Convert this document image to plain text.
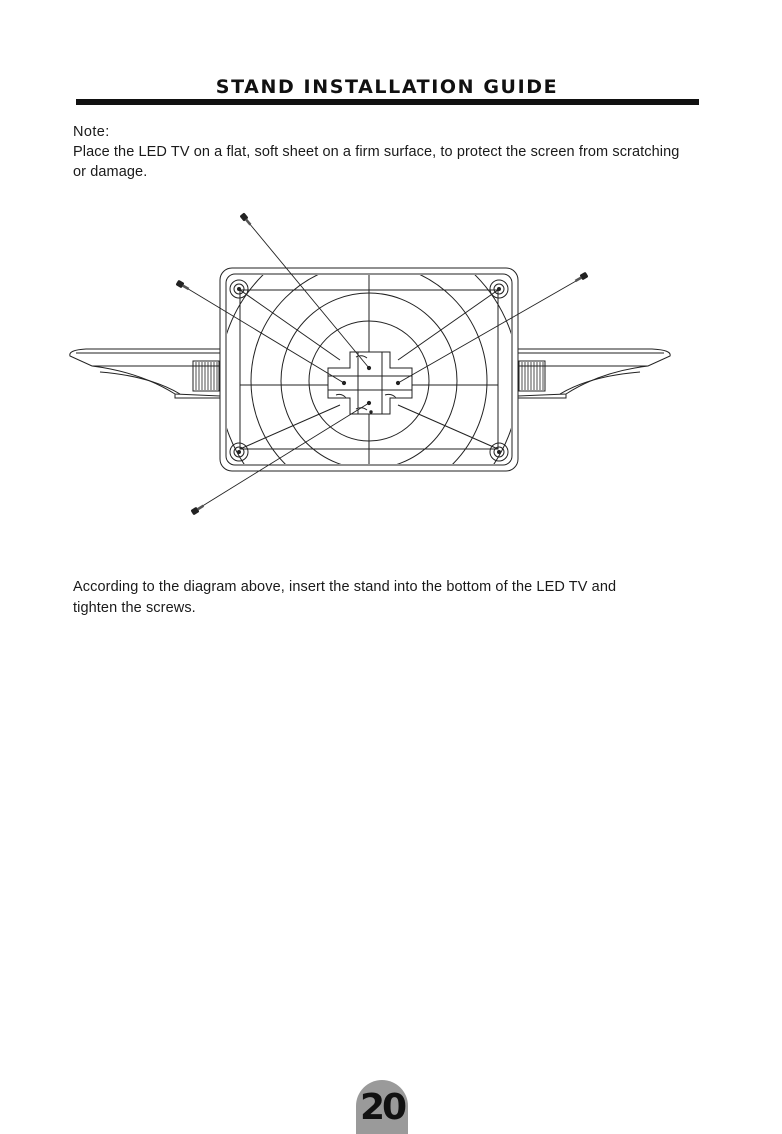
STAND INSTALLATION GUIDE
Note:
Place the LED TV on a flat, soft sheet on a firm surface, to protect the screen from scratching or damage.
According to the diagram above, insert the stand into the bottom of the LED TV and tighten the screws.
20
